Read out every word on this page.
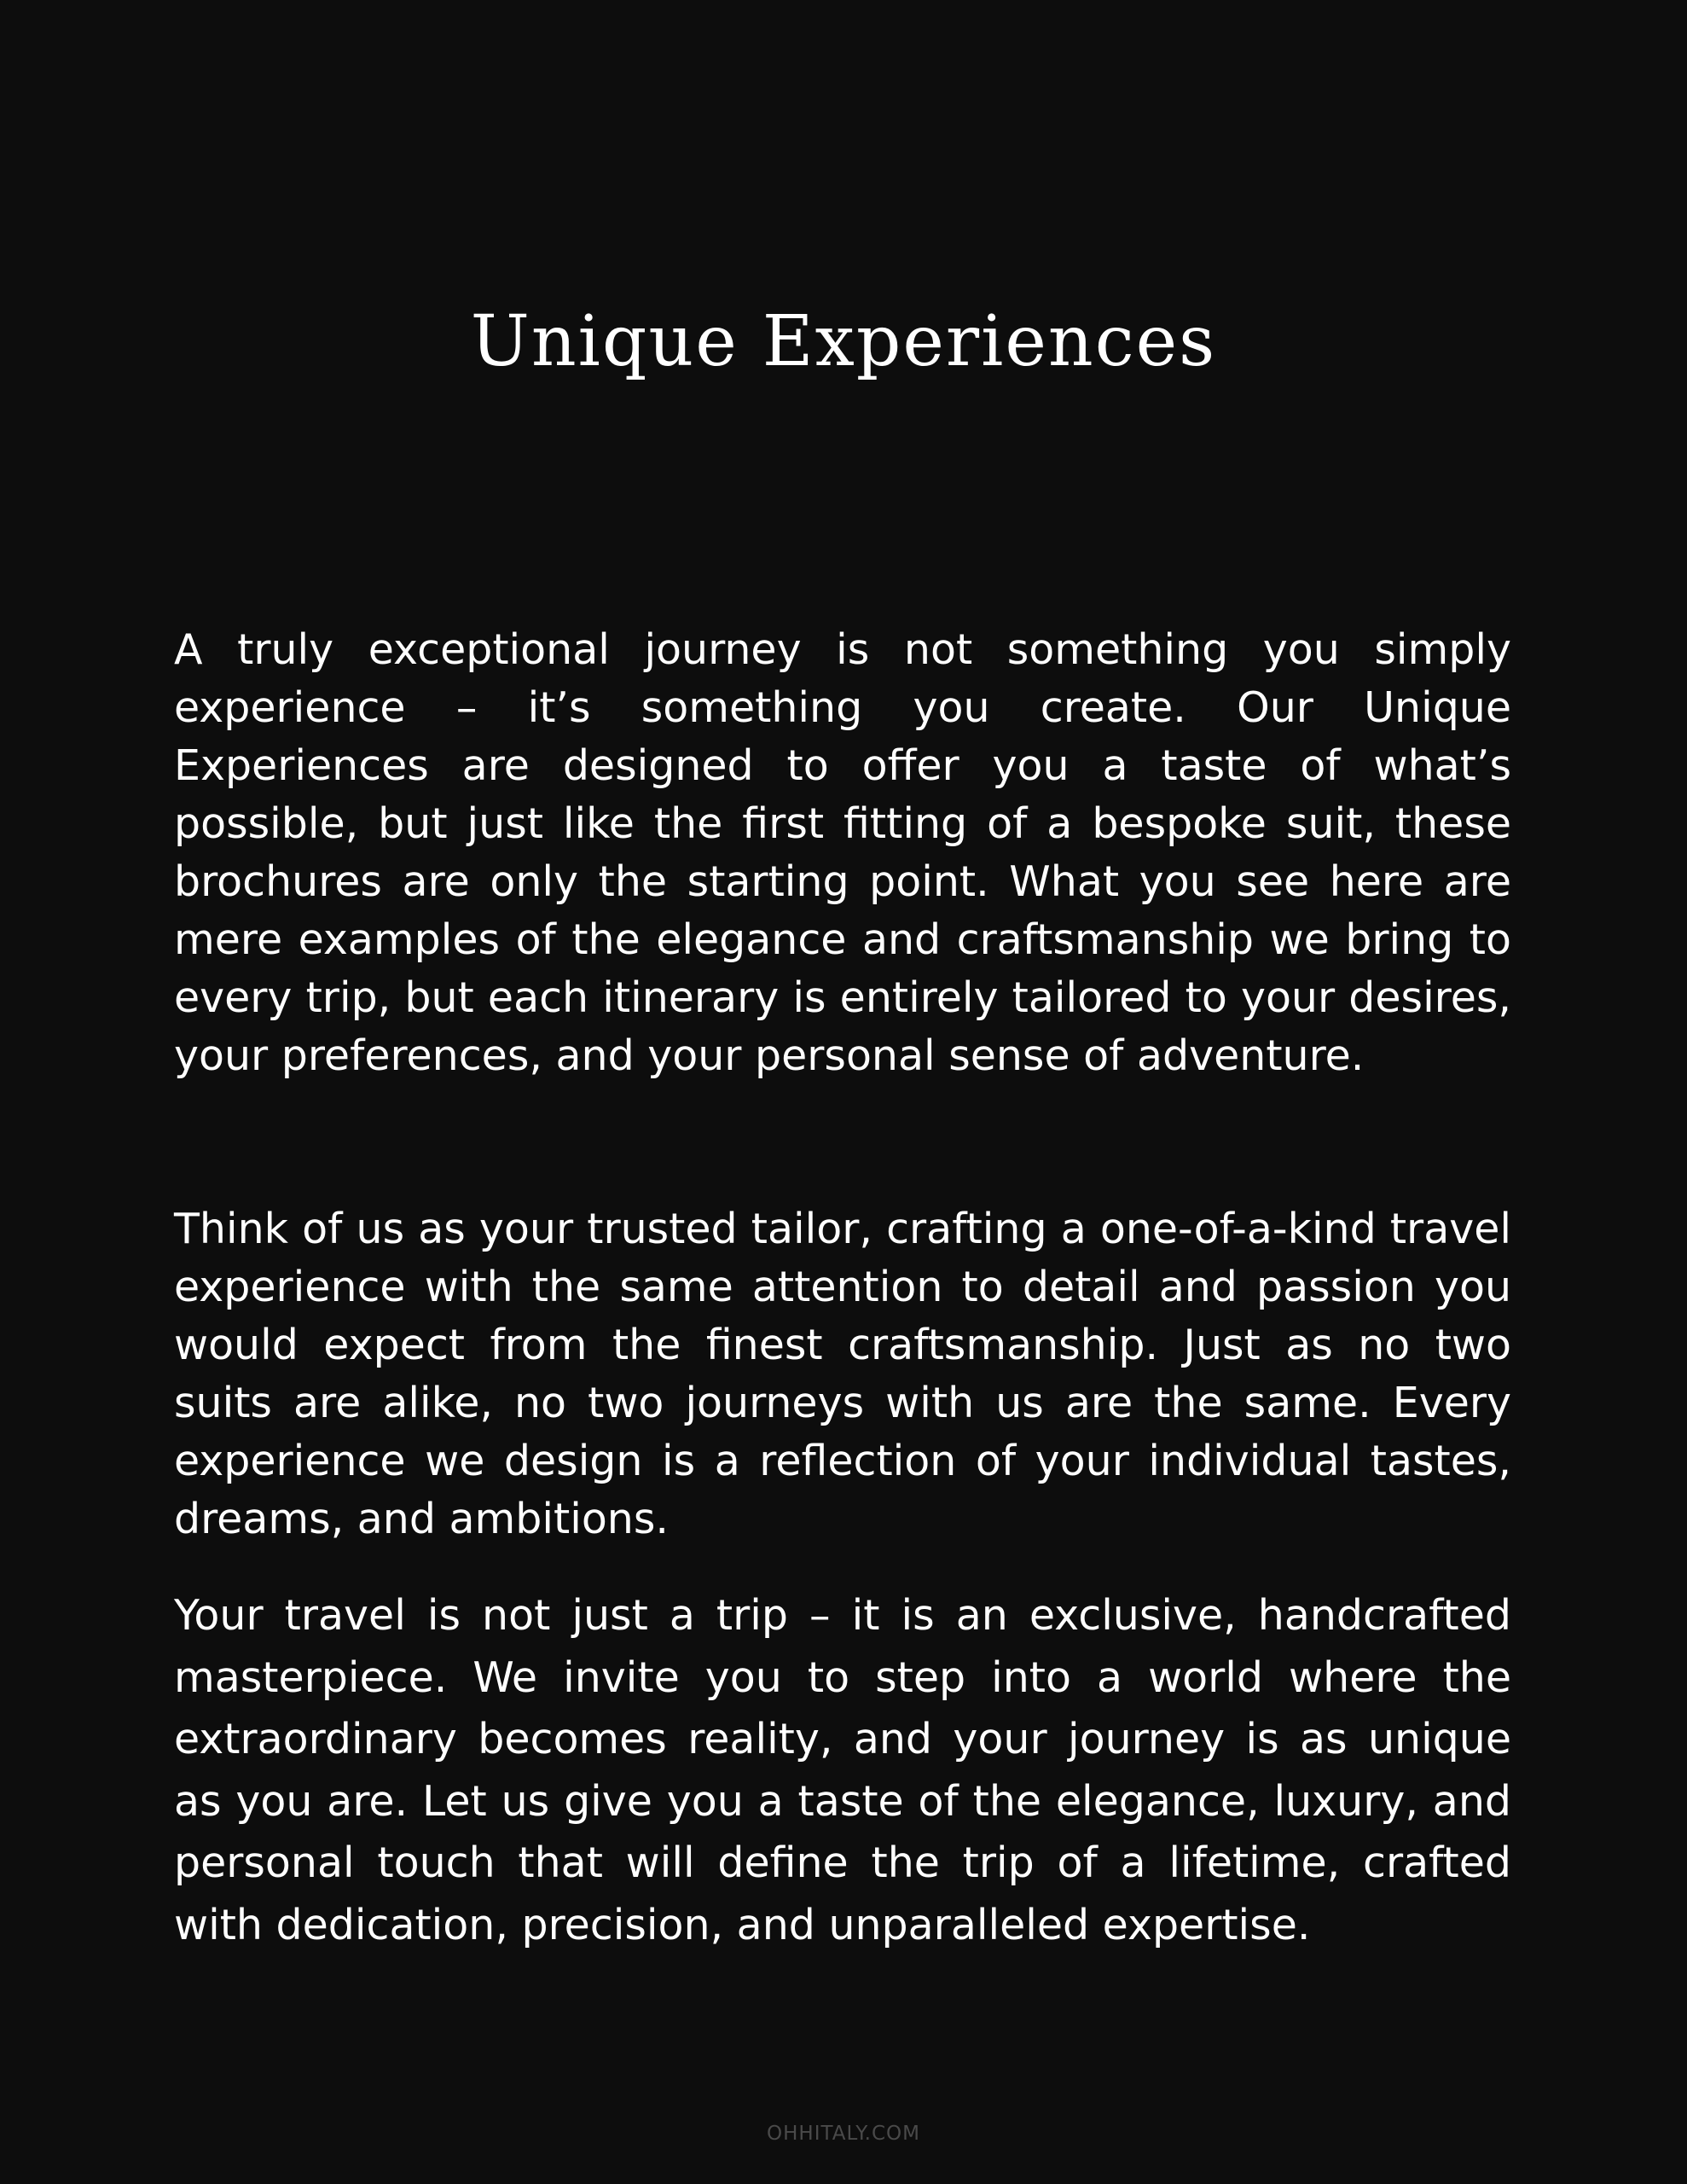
Unique Experiences

A truly exceptional journey is not something you simply experience – it’s something you create. Our Unique Experiences are designed to offer you a taste of what’s possible, but just like the first fitting of a bespoke suit, these brochures are only the starting point. What you see here are mere examples of the elegance and craftsmanship we bring to every trip, but each itinerary is entirely tailored to your desires, your preferences, and your personal sense of adventure.

Think of us as your trusted tailor, crafting a one-of-a-kind travel experience with the same attention to detail and passion you would expect from the finest craftsmanship. Just as no two suits are alike, no two journeys with us are the same. Every experience we design is a reflection of your individual tastes, dreams, and ambitions.

Your travel is not just a trip – it is an exclusive, handcrafted masterpiece. We invite you to step into a world where the extraordinary becomes reality, and your journey is as unique as you are. Let us give you a taste of the elegance, luxury, and personal touch that will define the trip of a lifetime, crafted with dedication, precision, and unparalleled expertise.

OHHITALY.COM
